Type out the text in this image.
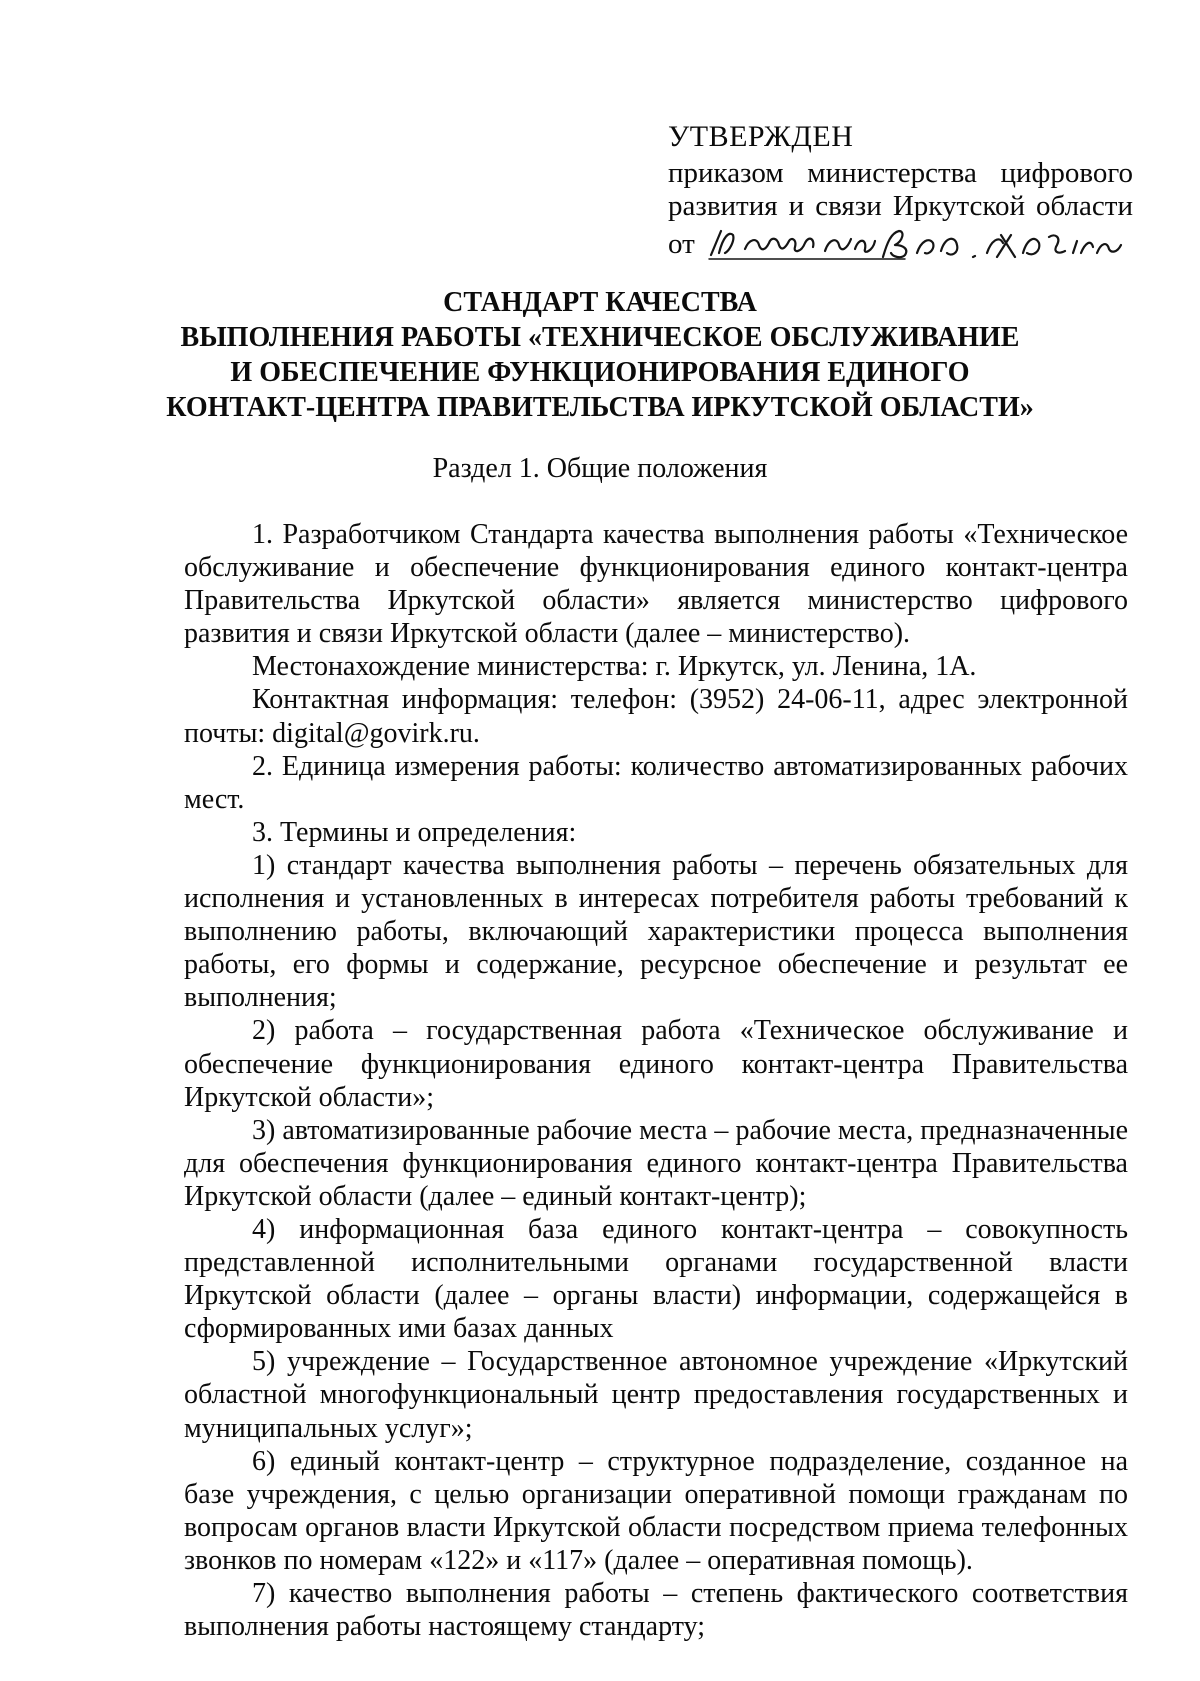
УТВЕРЖДЕН
приказом министерства цифрового
развития и связи Иркутской области
от
СТАНДАРТ КАЧЕСТВА
ВЫПОЛНЕНИЯ РАБОТЫ «ТЕХНИЧЕСКОЕ ОБСЛУЖИВАНИЕ
И ОБЕСПЕЧЕНИЕ ФУНКЦИОНИРОВАНИЯ ЕДИНОГО
КОНТАКТ-ЦЕНТРА ПРАВИТЕЛЬСТВА ИРКУТСКОЙ ОБЛАСТИ»
Раздел 1. Общие положения

1. Разработчиком Стандарта качества выполнения работы «Техническое обслуживание и обеспечение функционирования единого контакт-центра Правительства Иркутской области» является министерство цифрового развития и связи Иркутской области (далее – министерство).

Местонахождение министерства: г. Иркутск, ул. Ленина, 1А.

Контактная информация: телефон: (3952) 24-06-11, адрес электронной почты: digital@govirk.ru.

2. Единица измерения работы: количество автоматизированных рабочих мест.

3. Термины и определения:

1) стандарт качества выполнения работы – перечень обязательных для исполнения и установленных в интересах потребителя работы требований к выполнению работы, включающий характеристики процесса выполнения работы, его формы и содержание, ресурсное обеспечение и результат ее выполнения;

2) работа – государственная работа «Техническое обслуживание и обеспечение функционирования единого контакт-центра Правительства Иркутской области»;

3) автоматизированные рабочие места – рабочие места, предназначенные для обеспечения функционирования единого контакт-центра Правительства Иркутской области (далее – единый контакт-центр);

4) информационная база единого контакт-центра – совокупность представленной исполнительными органами государственной власти Иркутской области (далее – органы власти) информации, содержащейся в сформированных ими базах данных

5) учреждение – Государственное автономное учреждение «Иркутский областной многофункциональный центр предоставления государственных и муниципальных услуг»;

6) единый контакт-центр – структурное подразделение, созданное на базе учреждения, с целью организации оперативной помощи гражданам по вопросам органов власти Иркутской области посредством приема телефонных звонков по номерам «122» и «117» (далее – оперативная помощь).

7) качество выполнения работы – степень фактического соответствия выполнения работы настоящему стандарту;
